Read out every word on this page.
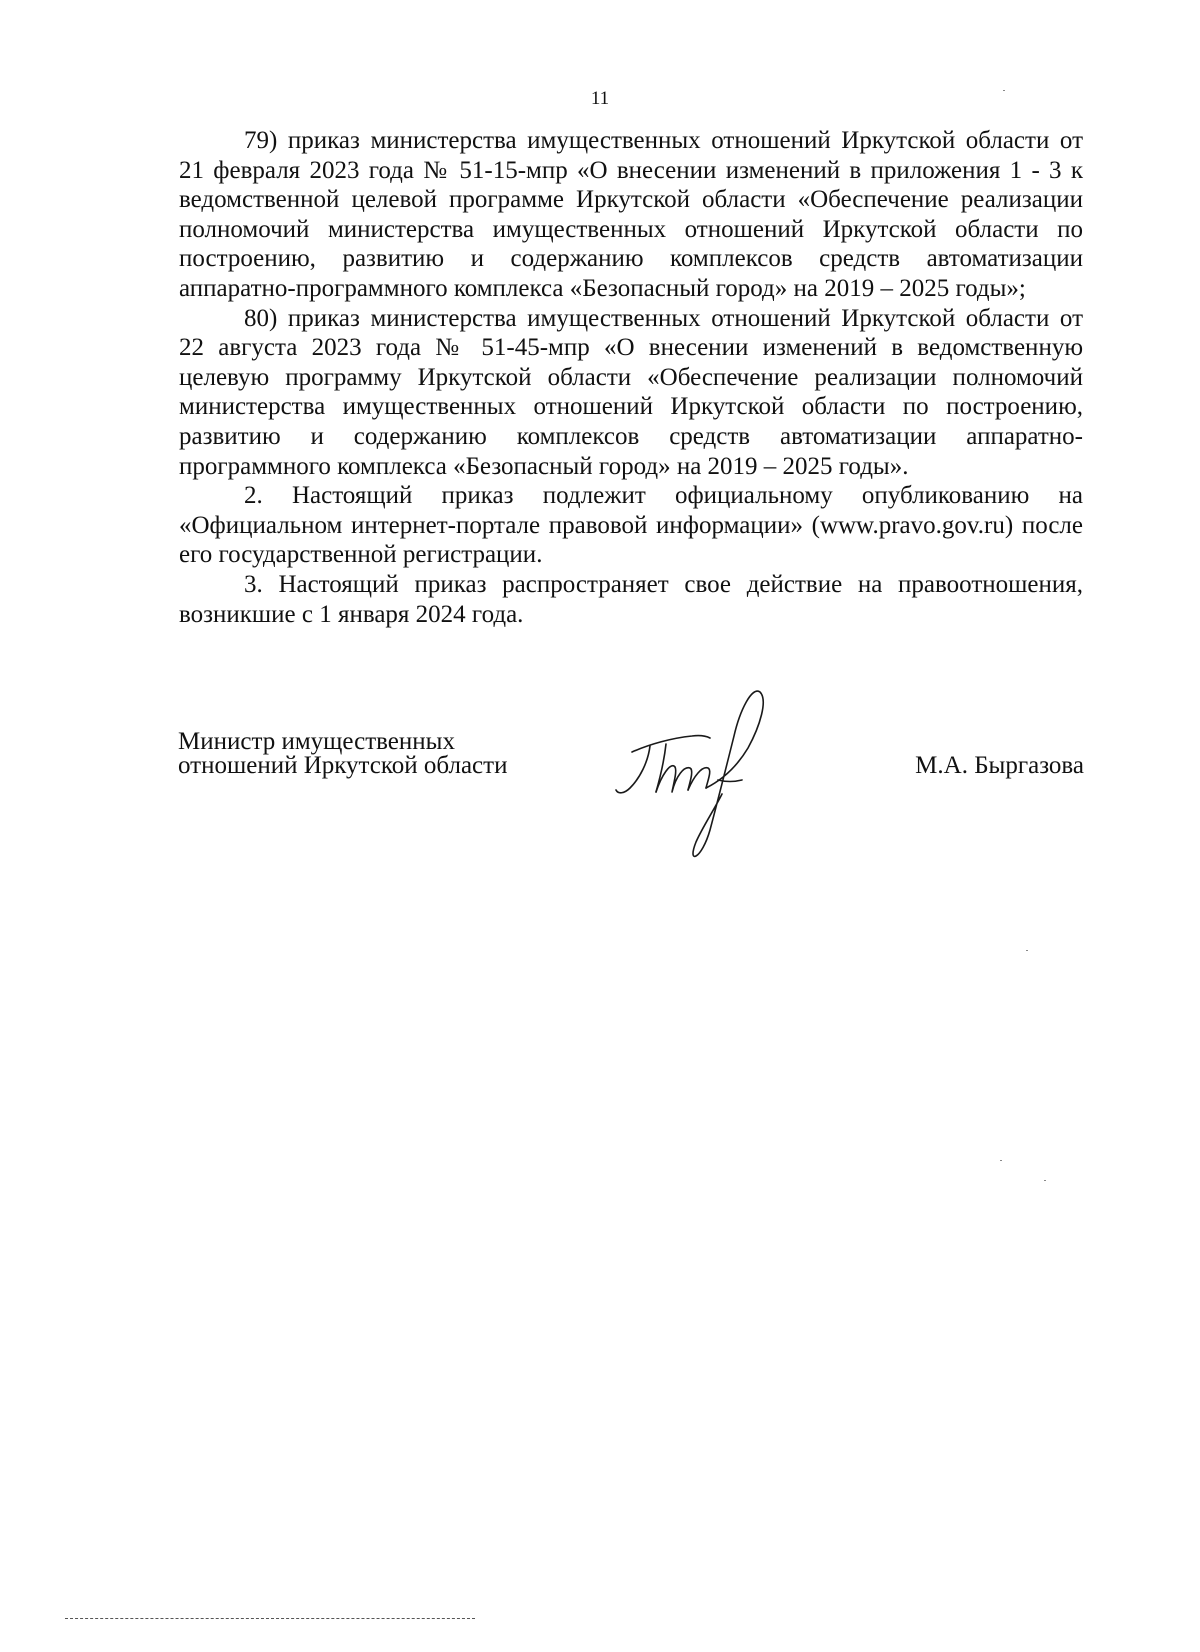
11

79) приказ министерства имущественных отношений Иркутской области от 21 февраля 2023 года № 51-15-мпр «О внесении изменений в приложения 1 - 3 к ведомственной целевой программе Иркутской области «Обеспечение реализации полномочий министерства имущественных отношений Иркутской области по построению, развитию и содержанию комплексов средств автоматизации аппаратно-программного комплекса «Безопасный город» на 2019 – 2025 годы»;

80) приказ министерства имущественных отношений Иркутской области от 22 августа 2023 года № 51-45-мпр «О внесении изменений в ведомственную целевую программу Иркутской области «Обеспечение реализации полномочий министерства имущественных отношений Иркутской области по построению, развитию и содержанию комплексов средств автоматизации аппаратно-программного комплекса «Безопасный город» на 2019 – 2025 годы».

2. Настоящий приказ подлежит официальному опубликованию на «Официальном интернет-портале правовой информации» (www.pravo.gov.ru) после его государственной регистрации.

3. Настоящий приказ распространяет свое действие на правоотношения, возникшие с 1 января 2024 года.

Министр имущественных
отношений Иркутской области	М.А. Быргазова
